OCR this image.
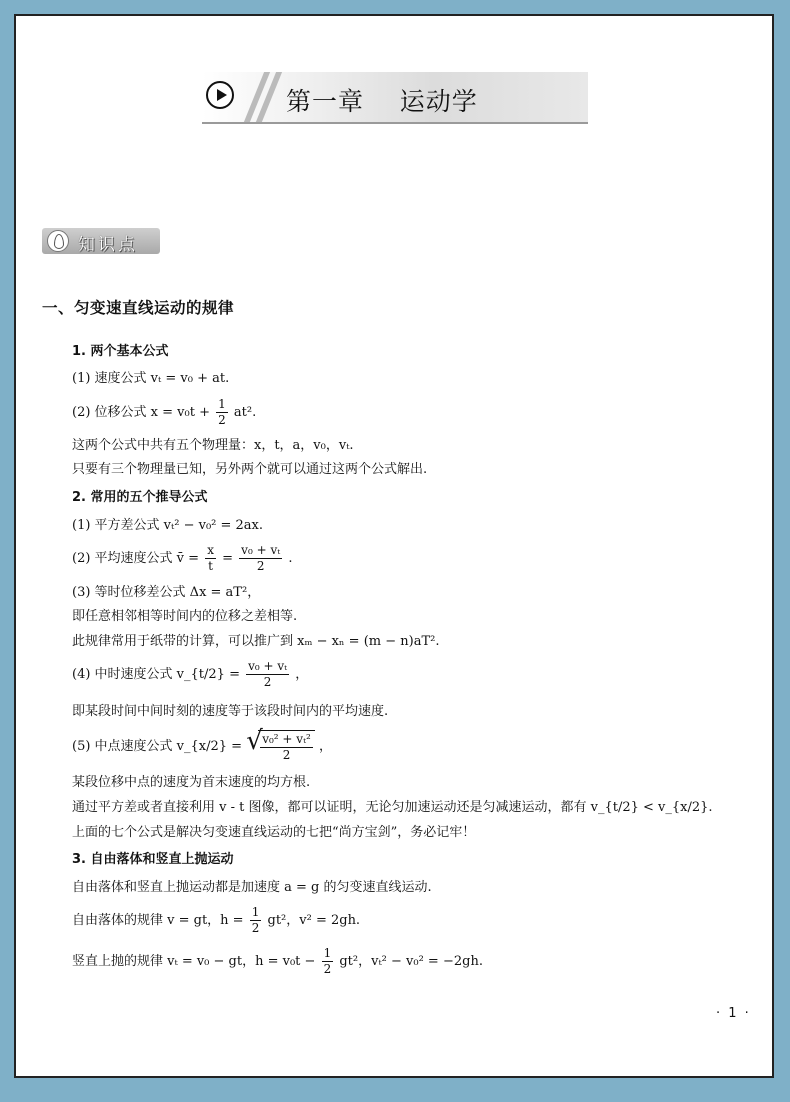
第一章    运动学
知识点
一、匀变速直线运动的规律
1. 两个基本公式
(1) 速度公式 vₜ = v₀ + at.
(2) 位移公式 $x = v_0t + \frac{1}{2} at^2$.
这两个公式中共有五个物理量：x，t，a，v₀，vₜ.
只要有三个物理量已知，另外两个就可以通过这两个公式解出.
2. 常用的五个推导公式
(1) 平方差公式 vₜ² − v₀² = 2ax.
(2) 平均速度公式 v̄ = $\frac{x}{t} = \frac{\text{v₀ + vₜ}}{2}$ .
(3) 等时位移差公式 Δx = aT²，
即任意相邻相等时间内的位移之差相等.
此规律常用于纸带的计算，可以推广到 xₘ − xₙ = (m − n)aT².
(4) 中时速度公式 v_{t/2} = $\frac{\text{v₀ + vₜ}}{2}$ ，
即某段时间中间时刻的速度等于该段时间内的平均速度.
(5) 中点速度公式 v_{x/2} = √
$\frac{\text{v₀² + vₜ²}}{2}$ ，
某段位移中点的速度为首末速度的均方根.
通过平方差或者直接利用 v - t 图像，都可以证明，无论匀加速运动还是匀减速运动，都有 v_{t/2} < v_{x/2}.
上面的七个公式是解决匀变速直线运动的七把“尚方宝剑”，务必记牢！
3. 自由落体和竖直上抛运动
自由落体和竖直上抛运动都是加速度 a = g 的匀变速直线运动.
自由落体的规律 v = gt，$h = \frac{1}{2} gt^2$，v² = 2gh.
竖直上抛的规律 vₜ = v₀ − gt，$h = v_0t - \frac{1}{2} gt^2$，vₜ² − v₀² = −2gh.
· 1 ·
